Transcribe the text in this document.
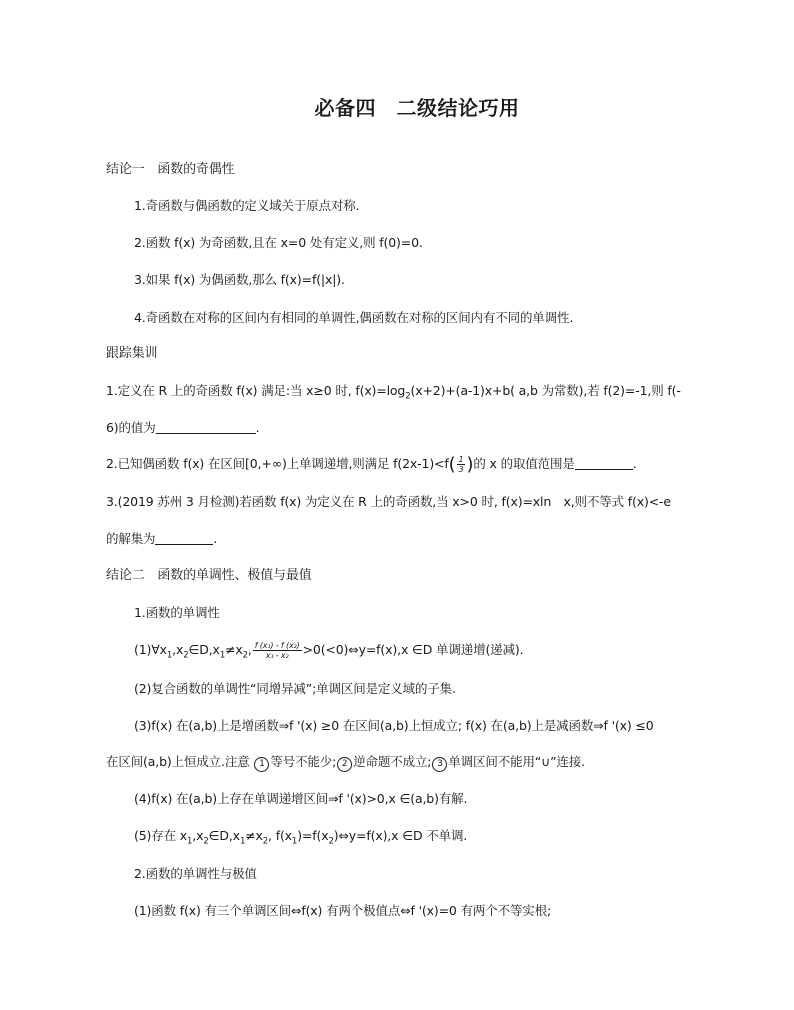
必备四　二级结论巧用
结论一　函数的奇偶性
1.奇函数与偶函数的定义域关于原点对称.
2.函数 f(x) 为奇函数,且在 x=0 处有定义,则 f(0)=0.
3.如果 f(x) 为偶函数,那么 f(x)=f(|x|).
4.奇函数在对称的区间内有相同的单调性,偶函数在对称的区间内有不同的单调性.
跟踪集训
1.定义在 R 上的奇函数 f(x) 满足:当 x≥0 时, $f(x)=\log_2(x+2)+(a-1)x+b$( a,b 为常数),若 f(2)=-1,则 f(-
6)的值为	.
2.已知偶函数 f(x) 在区间[0,+∞)上单调递增,则满足 $f(2x-1)<f( \frac{1}{3}$ )的 x 的取值范围是	.
3.(2019 苏州 3 月检测)若函数 f(x) 为定义在 R 上的奇函数,当 x>0 时, f(x)=xln　x,则不等式 f(x)<-e
的解集为	.
结论二　函数的单调性、极值与最值
1.函数的单调性
$(1)\forall x_1,x_2\in D,x_1\ne x_2$, $\frac{\text{f (x₁) - f (x₂)}}{\text{x₁ - x₂}}$ >0(<0)⇔y=f(x),x ∈D 单调递增(递减).
(2)复合函数的单调性“同增异减”;单调区间是定义域的子集.
(3)f(x) 在(a,b)上是增函数⇒f '(x) ≥0 在区间(a,b)上恒成立; f(x) 在(a,b)上是减函数⇒f '(x) ≤0
在区间(a,b)上恒成立.注意 1 等号不能少; 2 逆命题不成立; 3 单调区间不能用“∪”连接.
(4)f(x) 在(a,b)上存在单调递增区间⇒f '(x)>0,x ∈(a,b)有解.
(5)存在 $x_1,x_2\in D,x_1\ne x_2$, $f(x_1)=f(x_2)\Leftrightarrow y=f(x),x$ ∈D 不单调.
2.函数的单调性与极值
(1)函数 f(x) 有三个单调区间⇔f(x) 有两个极值点⇔f '(x)=0 有两个不等实根;
